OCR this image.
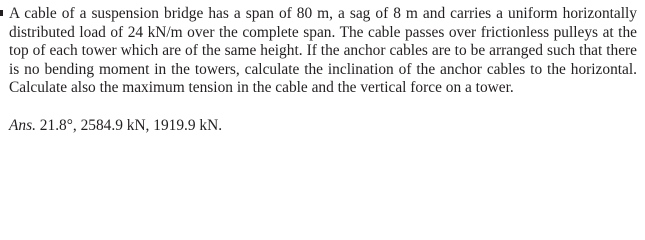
A cable of a suspension bridge has a span of 80 m, a sag of 8 m and carries a uniform horizontally
distributed load of 24 kN/m over the complete span. The cable passes over frictionless pulleys at the
top of each tower which are of the same height. If the anchor cables are to be arranged such that there
is no bending moment in the towers, calculate the inclination of the anchor cables to the horizontal.
Calculate also the maximum tension in the cable and the vertical force on a tower.
Ans. 21.8°, 2584.9 kN, 1919.9 kN.
